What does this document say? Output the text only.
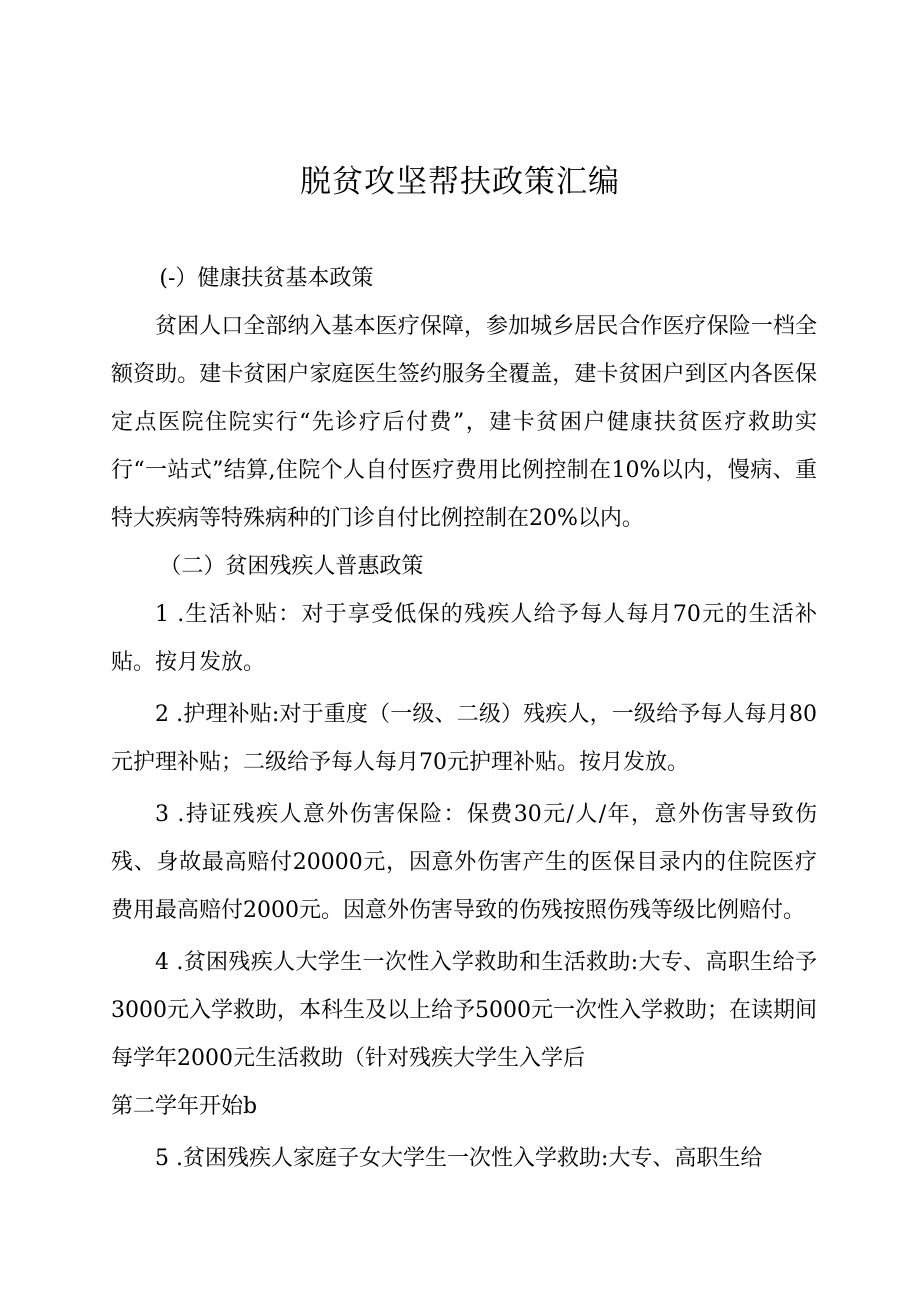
脱贫攻坚帮扶政策汇编

(-）健康扶贫基本政策

贫困人口全部纳入基本医疗保障，参加城乡居民合作医疗保险一档全额资助。建卡贫困户家庭医生签约服务全覆盖，建卡贫困户到区内各医保定点医院住院实行“先诊疗后付费”，建卡贫困户健康扶贫医疗救助实行“一站式”结算,住院个人自付医疗费用比例控制在10%以内，慢病、重特大疾病等特殊病种的门诊自付比例控制在20%以内。

（二）贫困残疾人普惠政策

1 .生活补贴：对于享受低保的残疾人给予每人每月70元的生活补贴。按月发放。

2 .护理补贴:对于重度（一级、二级）残疾人，一级给予每人每月80元护理补贴；二级给予每人每月70元护理补贴。按月发放。

3 .持证残疾人意外伤害保险：保费30元/人/年，意外伤害导致伤残、身故最高赔付20000元，因意外伤害产生的医保目录内的住院医疗费用最高赔付2000元。因意外伤害导致的伤残按照伤残等级比例赔付。

4 .贫困残疾人大学生一次性入学救助和生活救助:大专、高职生给予3000元入学救助，本科生及以上给予5000元一次性入学救助；在读期间每学年2000元生活救助（针对残疾大学生入学后

第二学年开始b

5 .贫困残疾人家庭子女大学生一次性入学救助:大专、高职生给
